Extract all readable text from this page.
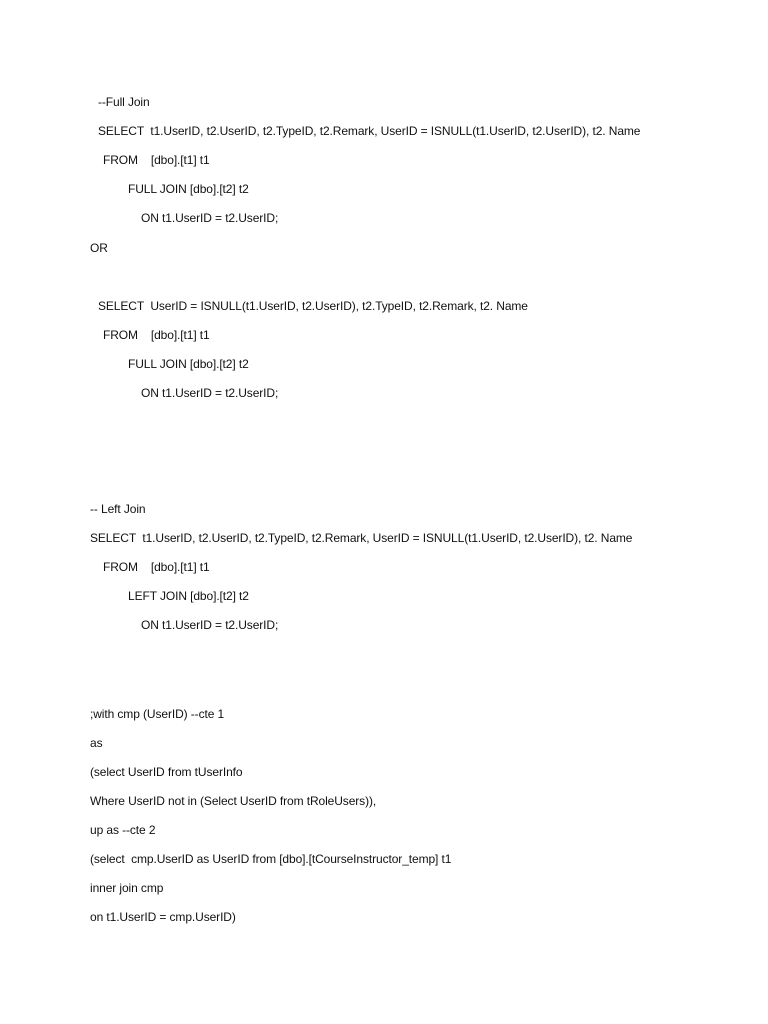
--Full Join
SELECT  t1.UserID, t2.UserID, t2.TypeID, t2.Remark, UserID = ISNULL(t1.UserID, t2.UserID), t2. Name
FROM    [dbo].[t1] t1
FULL JOIN [dbo].[t2] t2
ON t1.UserID = t2.UserID;
OR
SELECT  UserID = ISNULL(t1.UserID, t2.UserID), t2.TypeID, t2.Remark, t2. Name
FROM    [dbo].[t1] t1
FULL JOIN [dbo].[t2] t2
ON t1.UserID = t2.UserID;
-- Left Join
SELECT  t1.UserID, t2.UserID, t2.TypeID, t2.Remark, UserID = ISNULL(t1.UserID, t2.UserID), t2. Name
FROM    [dbo].[t1] t1
LEFT JOIN [dbo].[t2] t2
ON t1.UserID = t2.UserID;
;with cmp (UserID) --cte 1
as
(select UserID from tUserInfo
Where UserID not in (Select UserID from tRoleUsers)),
up as --cte 2
(select  cmp.UserID as UserID from [dbo].[tCourseInstructor_temp] t1
inner join cmp
on t1.UserID = cmp.UserID)
